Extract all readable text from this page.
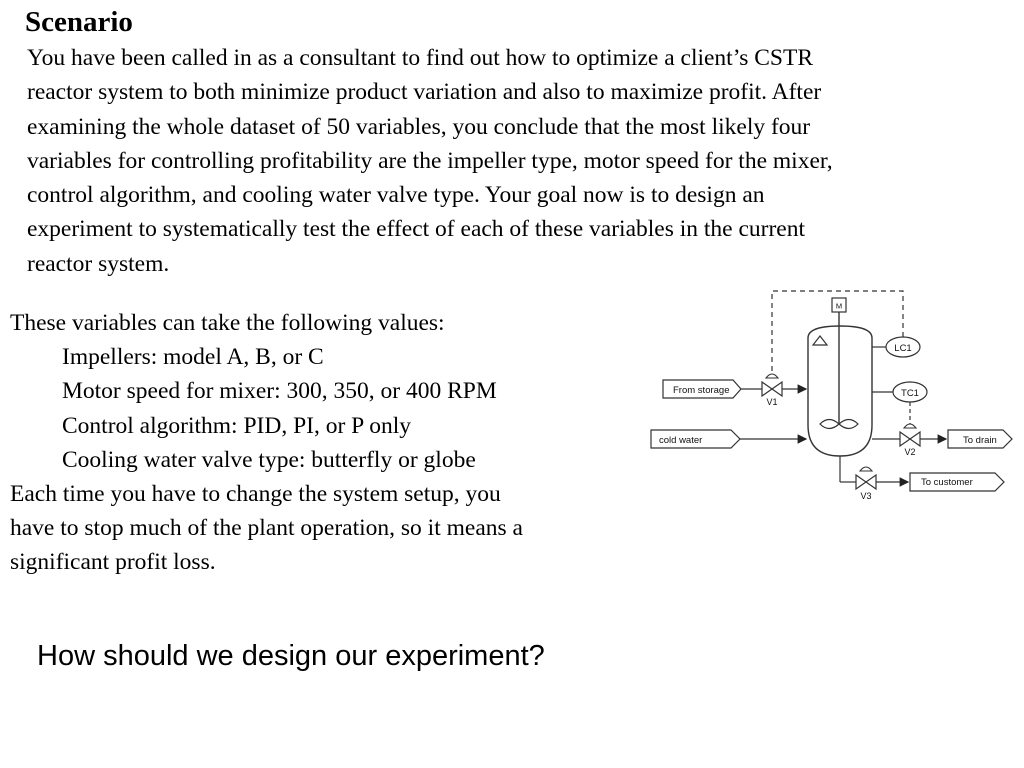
Scenario
You have been called in as a consultant to find out how to optimize a client’s CSTR
reactor system to both minimize product variation and also to maximize profit. After
examining the whole dataset of 50 variables, you conclude that the most likely four
variables for controlling profitability are the impeller type, motor speed for the mixer,
control algorithm, and cooling water valve type. Your goal now is to design an
experiment to systematically test the effect of each of these variables in the current
reactor system.
These variables can take the following values:
Impellers: model A, B, or C
Motor speed for mixer: 300, 350, or 400 RPM
Control algorithm: PID, PI, or P only
Cooling water valve type: butterfly or globe
Each time you have to change the system setup, you
have to stop much of the plant operation, so it means a
significant profit loss.
How should we design our experiment?
M
LC1
TC1
From storage
V1
cold water
V2
To drain
V3
To customer
